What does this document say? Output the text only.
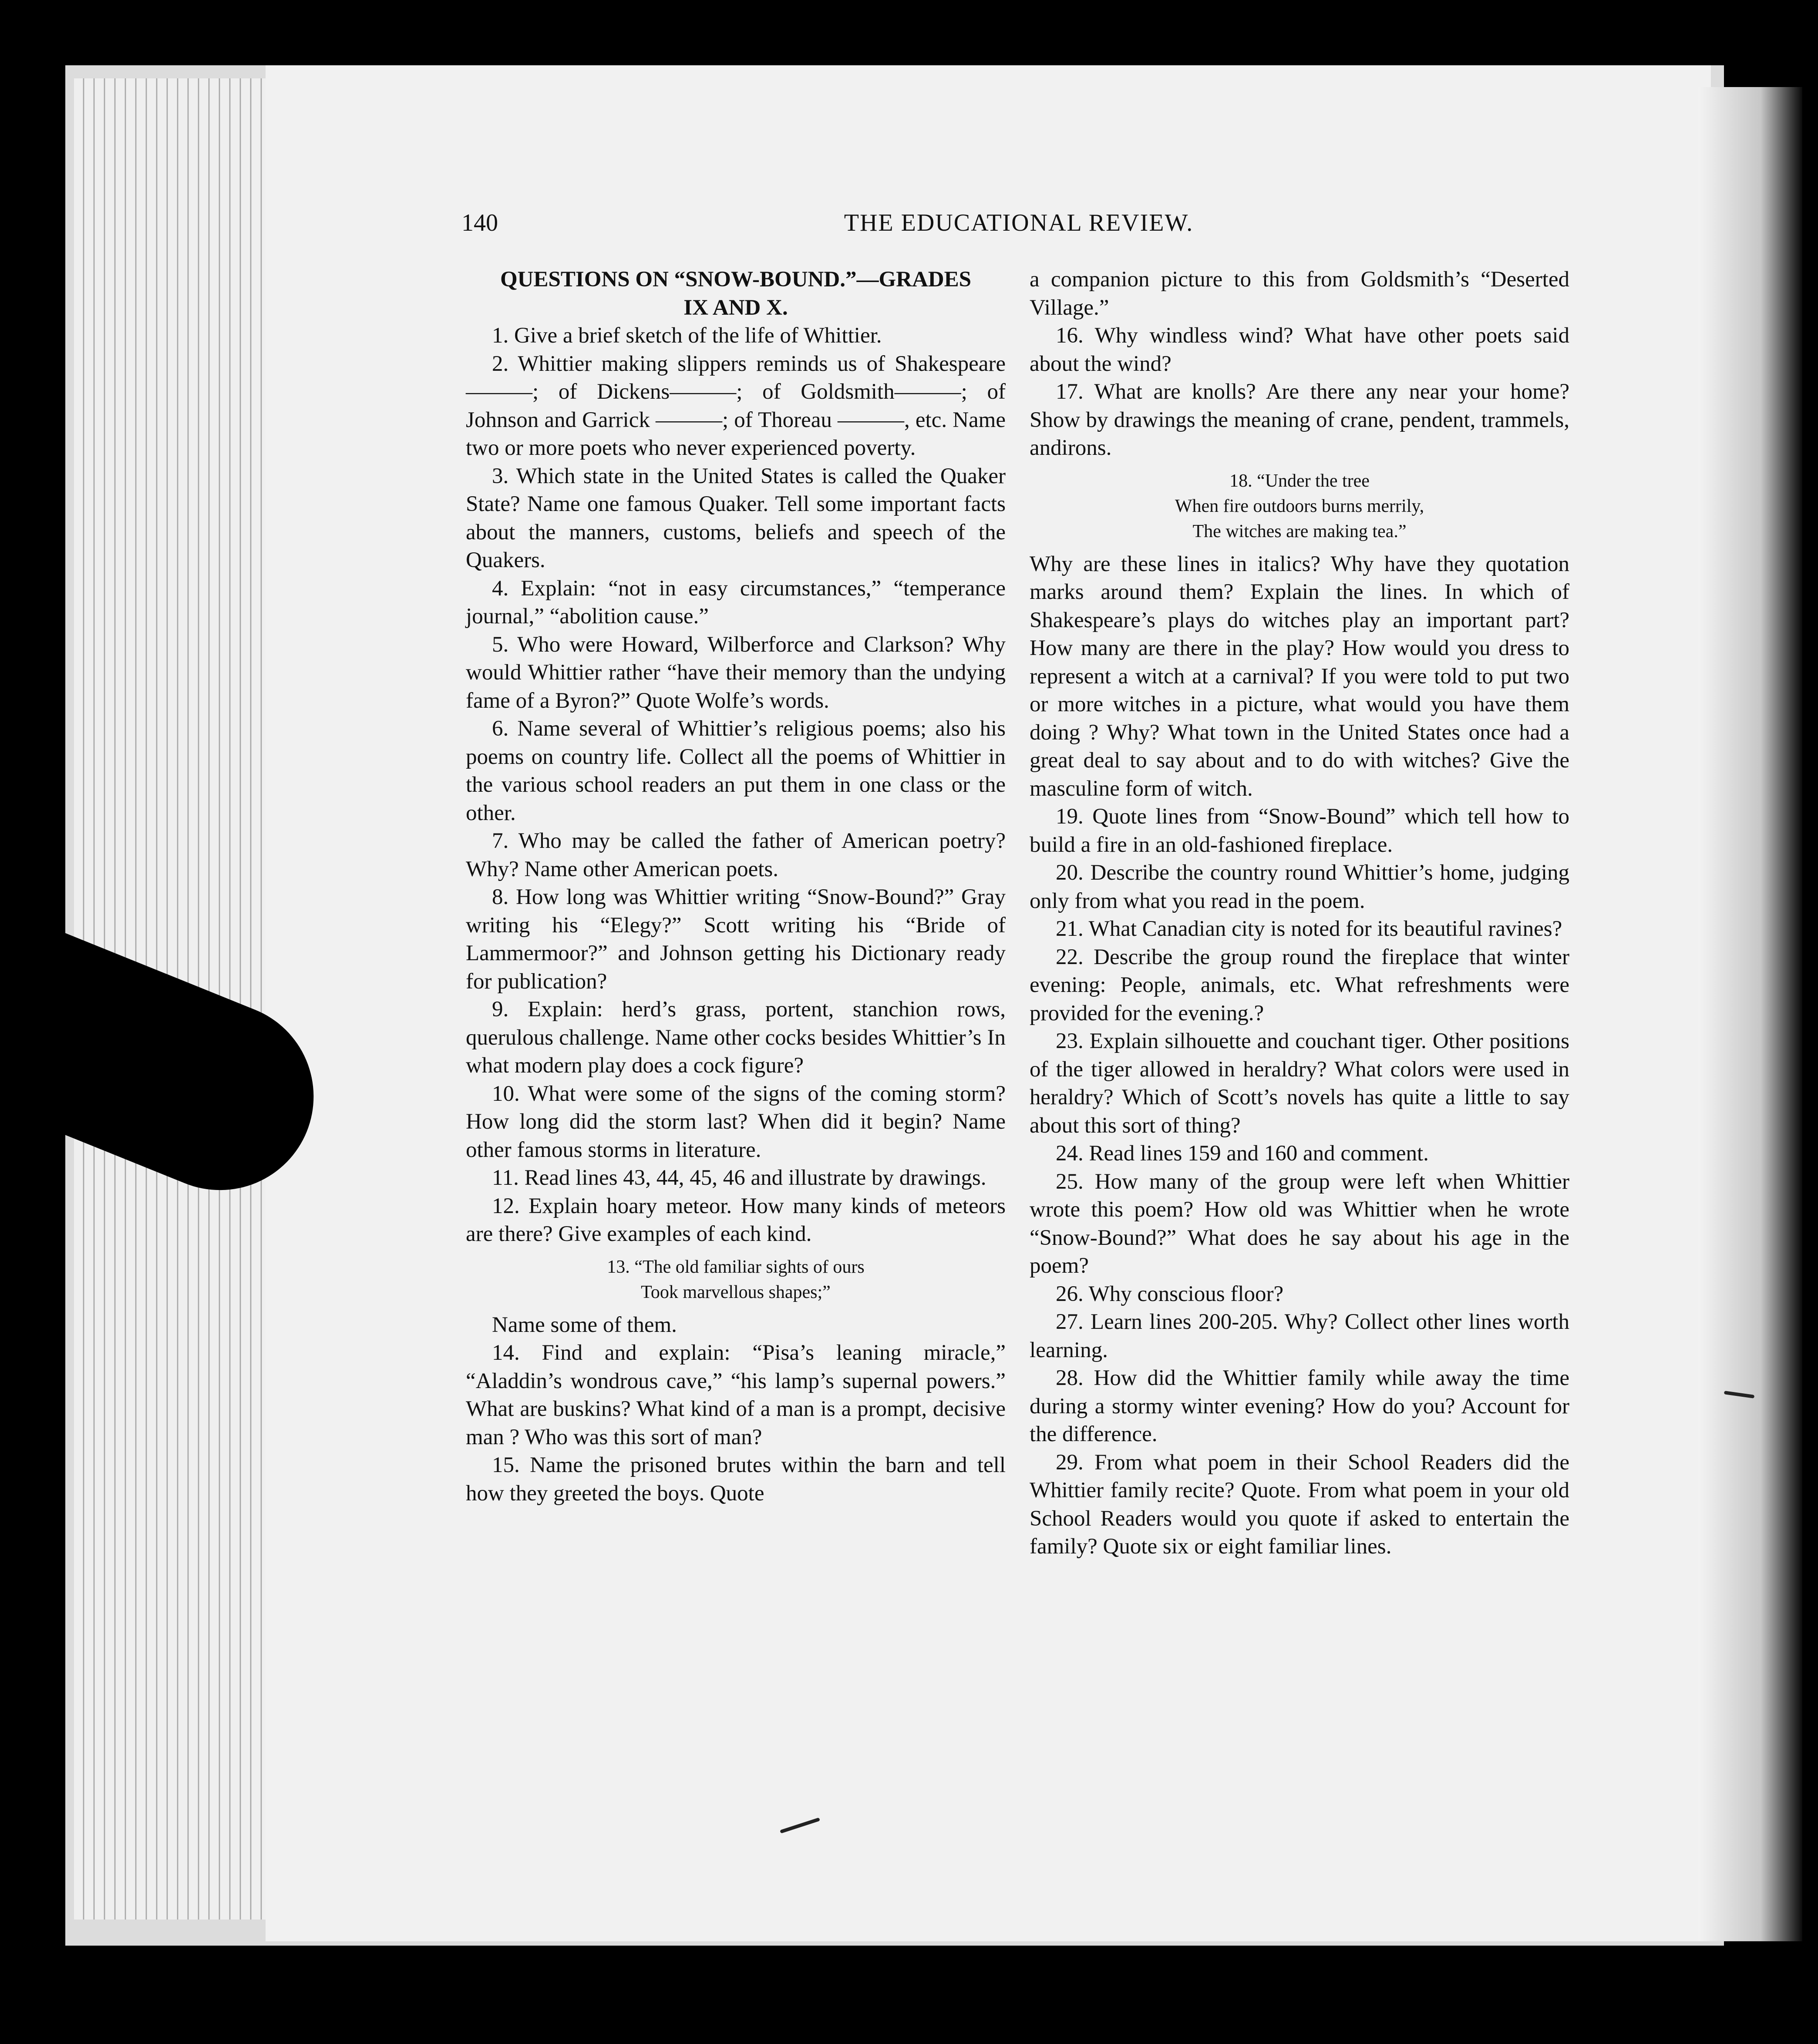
140	THE EDUCATIONAL REVIEW.

QUESTIONS ON “SNOW-BOUND.”—GRADES
IX AND X.

1. Give a brief sketch of the life of Whittier.

2. Whittier making slippers reminds us of Shakespeare ———; of Dickens———; of Goldsmith———; of Johnson and Garrick ———; of Thoreau ———, etc. Name two or more poets who never experienced poverty.

3. Which state in the United States is called the Quaker State? Name one famous Quaker. Tell some important facts about the manners, customs, beliefs and speech of the Quakers.

4. Explain: “not in easy circumstances,” “temperance journal,” “abolition cause.”

5. Who were Howard, Wilberforce and Clarkson? Why would Whittier rather “have their memory than the undying fame of a Byron?” Quote Wolfe’s words.

6. Name several of Whittier’s religious poems; also his poems on country life. Collect all the poems of Whittier in the various school readers an put them in one class or the other.

7. Who may be called the father of American poetry? Why? Name other American poets.

8. How long was Whittier writing “Snow-Bound?” Gray writing his “Elegy?” Scott writing his “Bride of Lammermoor?” and Johnson getting his Dictionary ready for publication?

9. Explain: herd’s grass, portent, stanchion rows, querulous challenge. Name other cocks besides Whittier’s In what modern play does a cock figure?

10. What were some of the signs of the coming storm? How long did the storm last? When did it begin? Name other famous storms in literature.

11. Read lines 43, 44, 45, 46 and illustrate by drawings.

12. Explain hoary meteor. How many kinds of meteors are there? Give examples of each kind.

13. “The old familiar sights of ours

Took marvellous shapes;”

Name some of them.

14. Find and explain: “Pisa’s leaning miracle,” “Aladdin’s wondrous cave,” “his lamp’s supernal powers.” What are buskins? What kind of a man is a prompt, decisive man ? Who was this sort of man?

15. Name the prisoned brutes within the barn and tell how they greeted the boys. Quote

a companion picture to this from Goldsmith’s “Deserted Village.”

16. Why windless wind? What have other poets said about the wind?

17. What are knolls? Are there any near your home? Show by drawings the meaning of crane, pendent, trammels, andirons.

18. “Under the tree

When fire outdoors burns merrily,

The witches are making tea.”

Why are these lines in italics? Why have they quotation marks around them? Explain the lines. In which of Shakespeare’s plays do witches play an important part? How many are there in the play? How would you dress to represent a witch at a carnival? If you were told to put two or more witches in a picture, what would you have them doing ? Why? What town in the United States once had a great deal to say about and to do with witches? Give the masculine form of witch.

19. Quote lines from “Snow-Bound” which tell how to build a fire in an old-fashioned fireplace.

20. Describe the country round Whittier’s home, judging only from what you read in the poem.

21. What Canadian city is noted for its beautiful ravines?

22. Describe the group round the fireplace that winter evening: People, animals, etc. What refreshments were provided for the evening.?

23. Explain silhouette and couchant tiger. Other positions of the tiger allowed in heraldry? What colors were used in heraldry? Which of Scott’s novels has quite a little to say about this sort of thing?

24. Read lines 159 and 160 and comment.

25. How many of the group were left when Whittier wrote this poem? How old was Whittier when he wrote “Snow-Bound?” What does he say about his age in the poem?

26. Why conscious floor?

27. Learn lines 200-205. Why? Collect other lines worth learning.

28. How did the Whittier family while away the time during a stormy winter evening? How do you? Account for the difference.

29. From what poem in their School Readers did the Whittier family recite? Quote. From what poem in your old School Readers would you quote if asked to entertain the family? Quote six or eight familiar lines.
